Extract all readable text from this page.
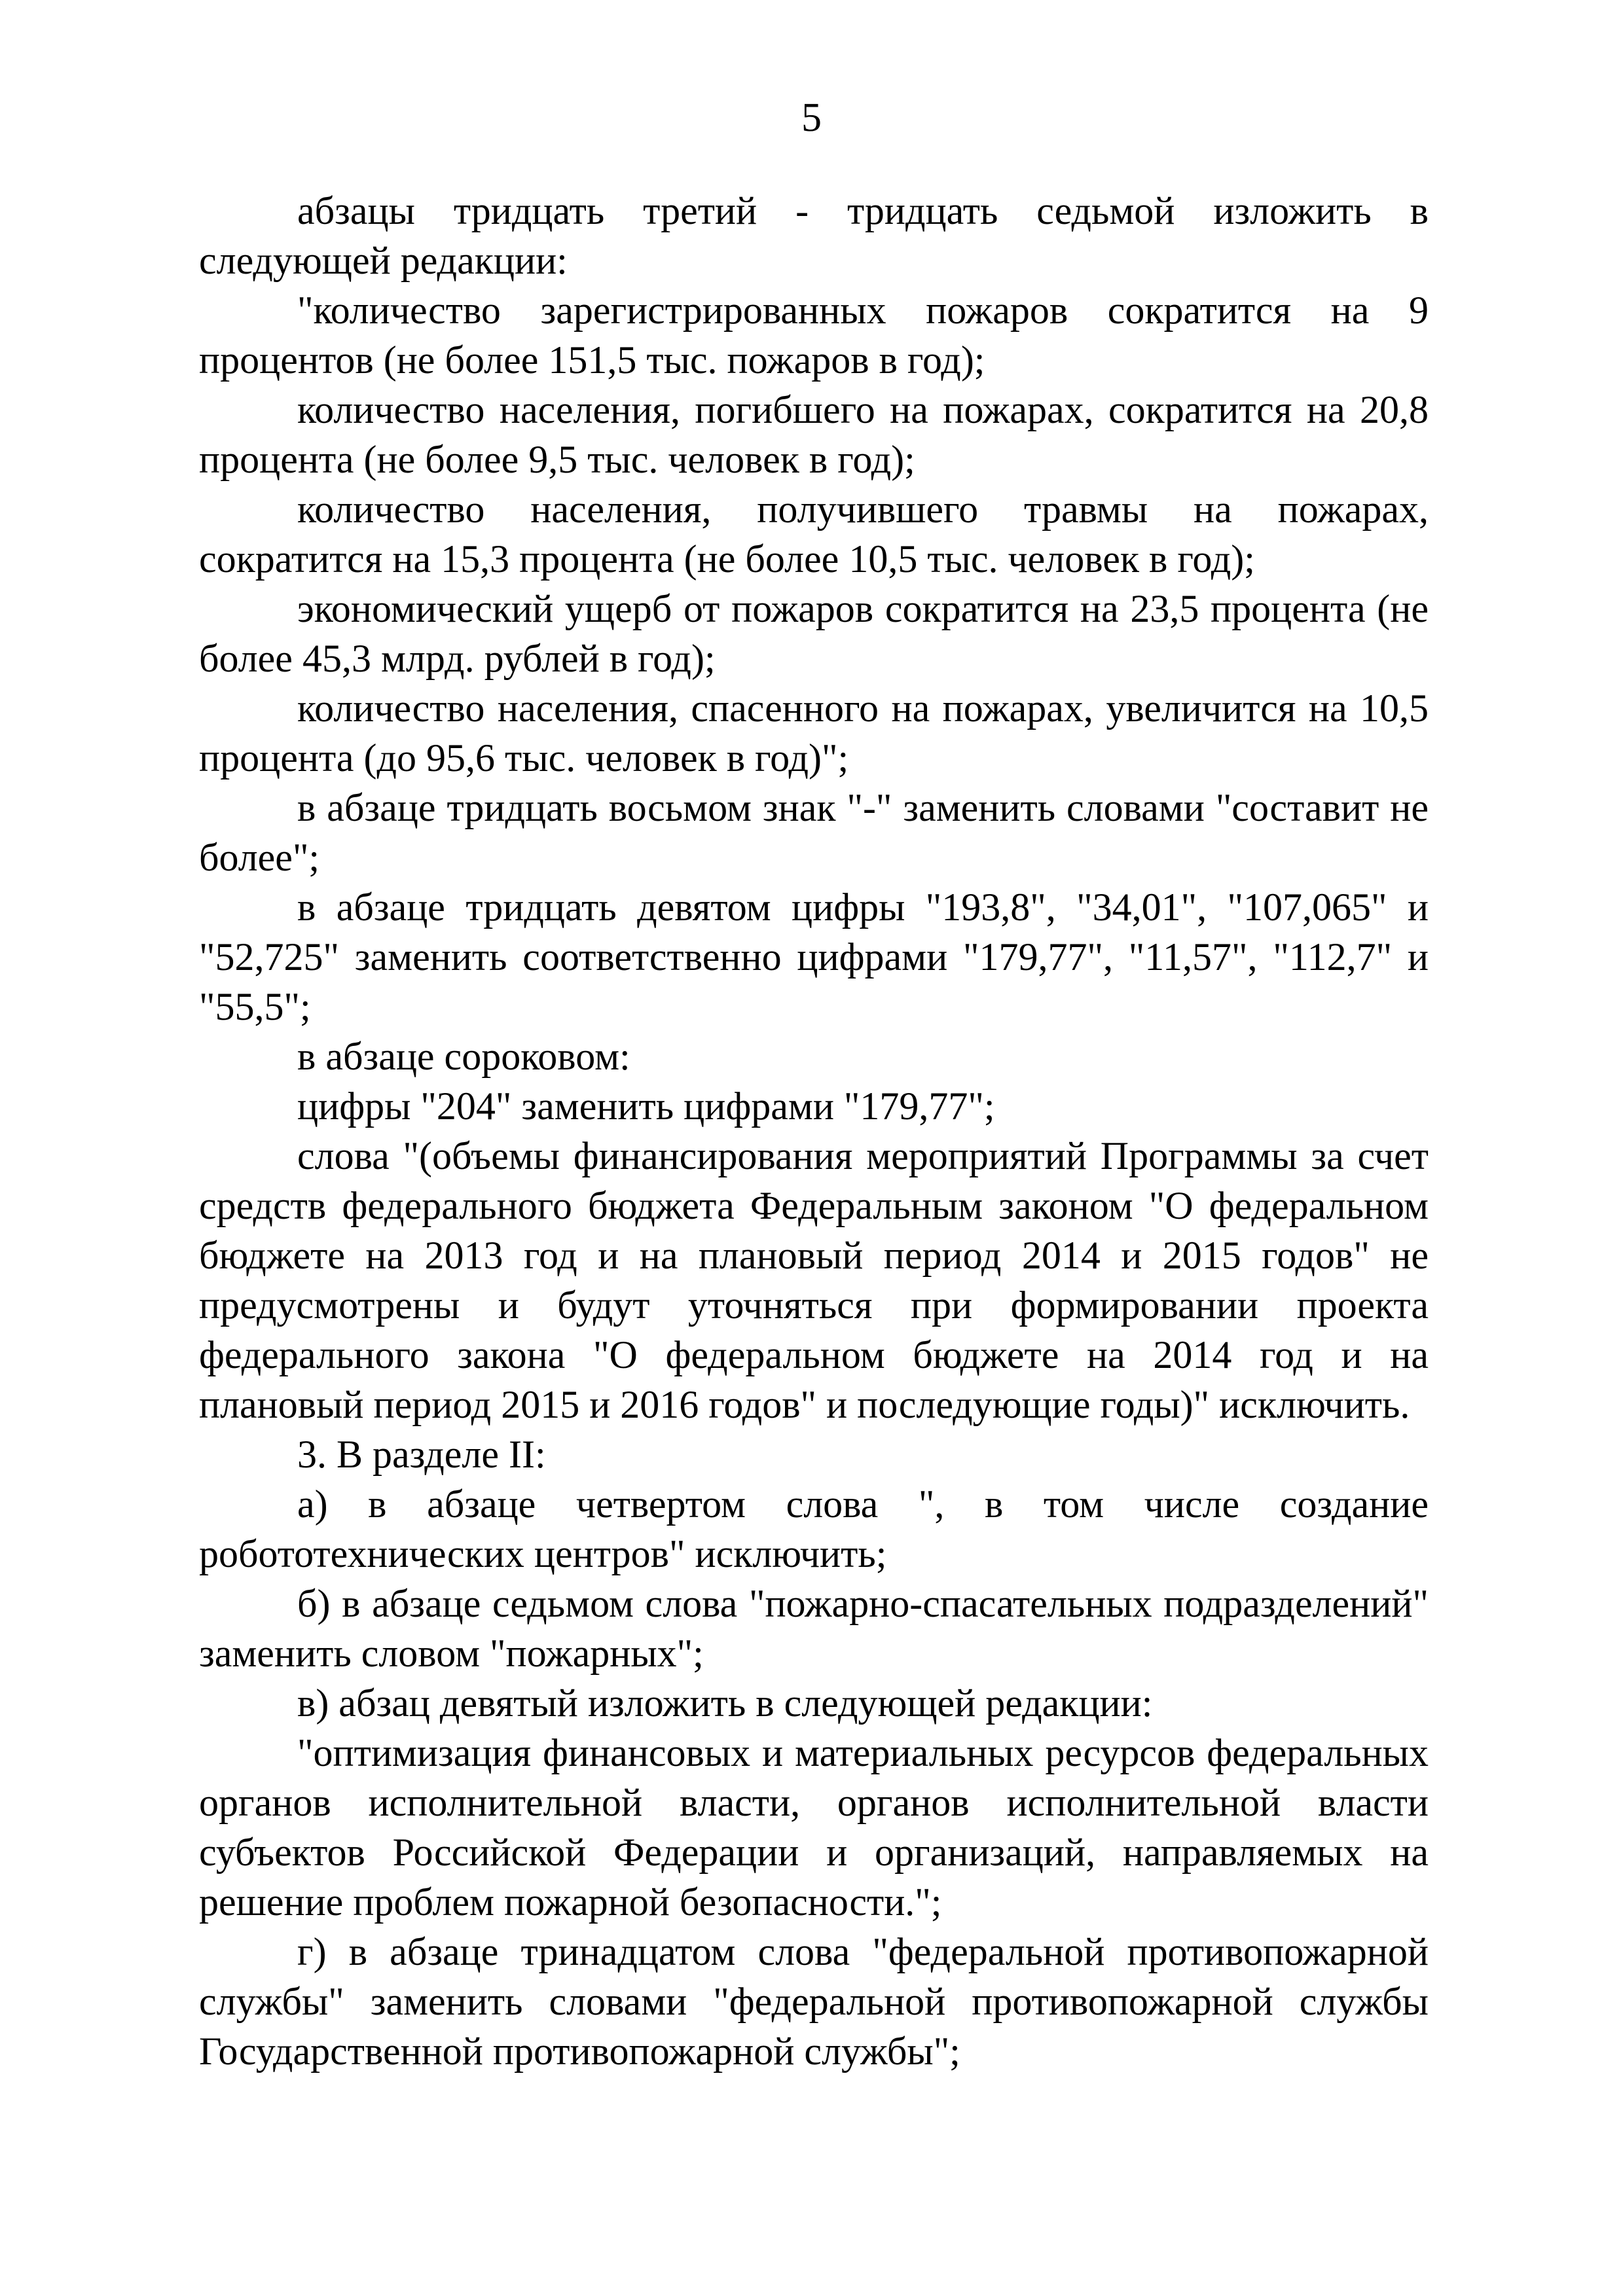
5

абзацы тридцать третий - тридцать седьмой изложить в следующей редакции:

"количество зарегистрированных пожаров сократится на 9 процентов (не более 151,5 тыс. пожаров в год);

количество населения, погибшего на пожарах, сократится на 20,8 процента (не более 9,5 тыс. человек в год);

количество населения, получившего травмы на пожарах, сократится на 15,3 процента (не более 10,5 тыс. человек в год);

экономический ущерб от пожаров сократится на 23,5 процента (не более 45,3 млрд. рублей в год);

количество населения, спасенного на пожарах, увеличится на 10,5 процента (до 95,6 тыс. человек в год)";

в абзаце тридцать восьмом знак "-" заменить словами "составит не более";

в абзаце тридцать девятом цифры "193,8", "34,01", "107,065" и "52,725" заменить соответственно цифрами "179,77", "11,57", "112,7" и "55,5";

в абзаце сороковом:

цифры "204" заменить цифрами "179,77";

слова "(объемы финансирования мероприятий Программы за счет средств федерального бюджета Федеральным законом "О федеральном бюджете на 2013 год и на плановый период 2014 и 2015 годов" не предусмотрены и будут уточняться при формировании проекта федерального закона "О федеральном бюджете на 2014 год и на плановый период 2015 и 2016 годов" и последующие годы)" исключить.

3. В разделе II:

а) в абзаце четвертом слова ", в том числе создание робототехнических центров" исключить;

б) в абзаце седьмом слова "пожарно-спасательных подразделений" заменить словом "пожарных";

в) абзац девятый изложить в следующей редакции:

"оптимизация финансовых и материальных ресурсов федеральных органов исполнительной власти, органов исполнительной власти субъектов Российской Федерации и организаций, направляемых на решение проблем пожарной безопасности.";

г) в абзаце тринадцатом слова "федеральной противопожарной службы" заменить словами "федеральной противопожарной службы Государственной противопожарной службы";
